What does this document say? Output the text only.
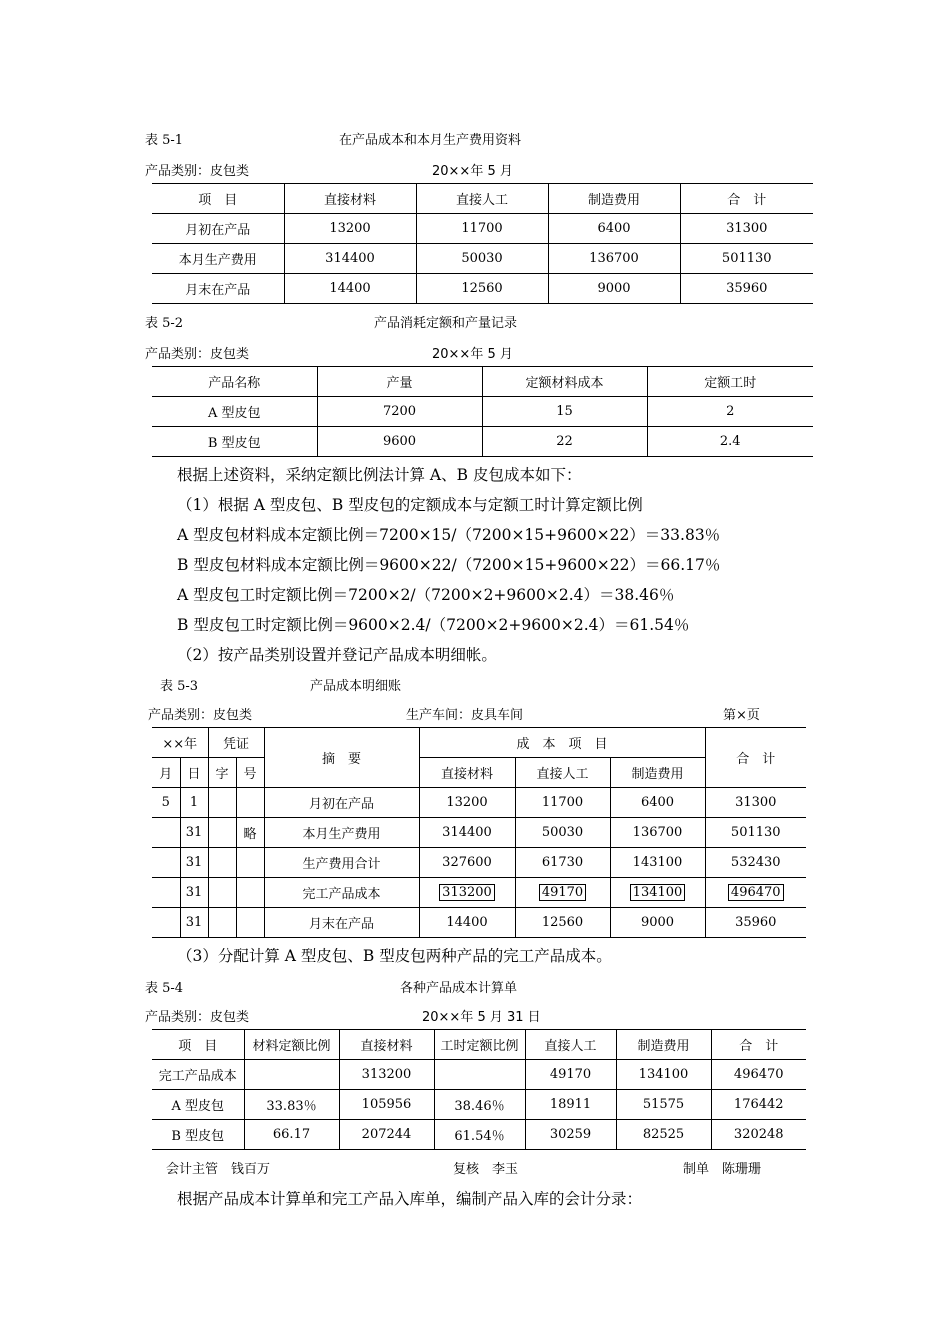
表 5-1	在产品成本和本月生产费用资料
产品类别：皮包类	20××年 5 月
项　目	直接材料	直接人工	制造费用	合　计
月初在产品	13200	11700	6400	31300
本月生产费用	314400	50030	136700	501130
月末在产品	14400	12560	9000	35960
表 5-2	产品消耗定额和产量记录
产品类别：皮包类	20××年 5 月
产品名称	产量	定额材料成本	定额工时
A 型皮包	7200	15	2
B 型皮包	9600	22	2.4
根据上述资料，采纳定额比例法计算 A、B 皮包成本如下：
（1）根据 A 型皮包、B 型皮包的定额成本与定额工时计算定额比例
A 型皮包材料成本定额比例＝7200×15/（7200×15+9600×22）＝33.83％
B 型皮包材料成本定额比例＝9600×22/（7200×15+9600×22）＝66.17％
A 型皮包工时定额比例＝7200×2/（7200×2+9600×2.4）＝38.46％
B 型皮包工时定额比例＝9600×2.4/（7200×2+9600×2.4）＝61.54％
（2）按产品类别设置并登记产品成本明细帐。
表 5-3	产品成本明细账
产品类别：皮包类	生产车间：皮具车间	第×页
××年		凭证		摘　要	成　本　项　目			合　计
月	日	字	号		直接材料	直接人工	制造费用	
5	1			月初在产品	13200	11700	6400	31300
	31		略	本月生产费用	314400	50030	136700	501130
	31			生产费用合计	327600	61730	143100	532430
	31			完工产品成本	313200	49170	134100	496470
	31			月末在产品	14400	12560	9000	35960
（3）分配计算 A 型皮包、B 型皮包两种产品的完工产品成本。
表 5-4	各种产品成本计算单
产品类别：皮包类	20××年 5 月 31 日
项　目	材料定额比例	直接材料	工时定额比例	直接人工	制造费用	合　计
完工产品成本		313200		49170	134100	496470
A 型皮包	33.83％	105956	38.46％	18911	51575	176442
B 型皮包	66.17	207244	61.54％	30259	82525	320248
会计主管　钱百万	复核　李玉	制单　陈珊珊
根据产品成本计算单和完工产品入库单，编制产品入库的会计分录：
